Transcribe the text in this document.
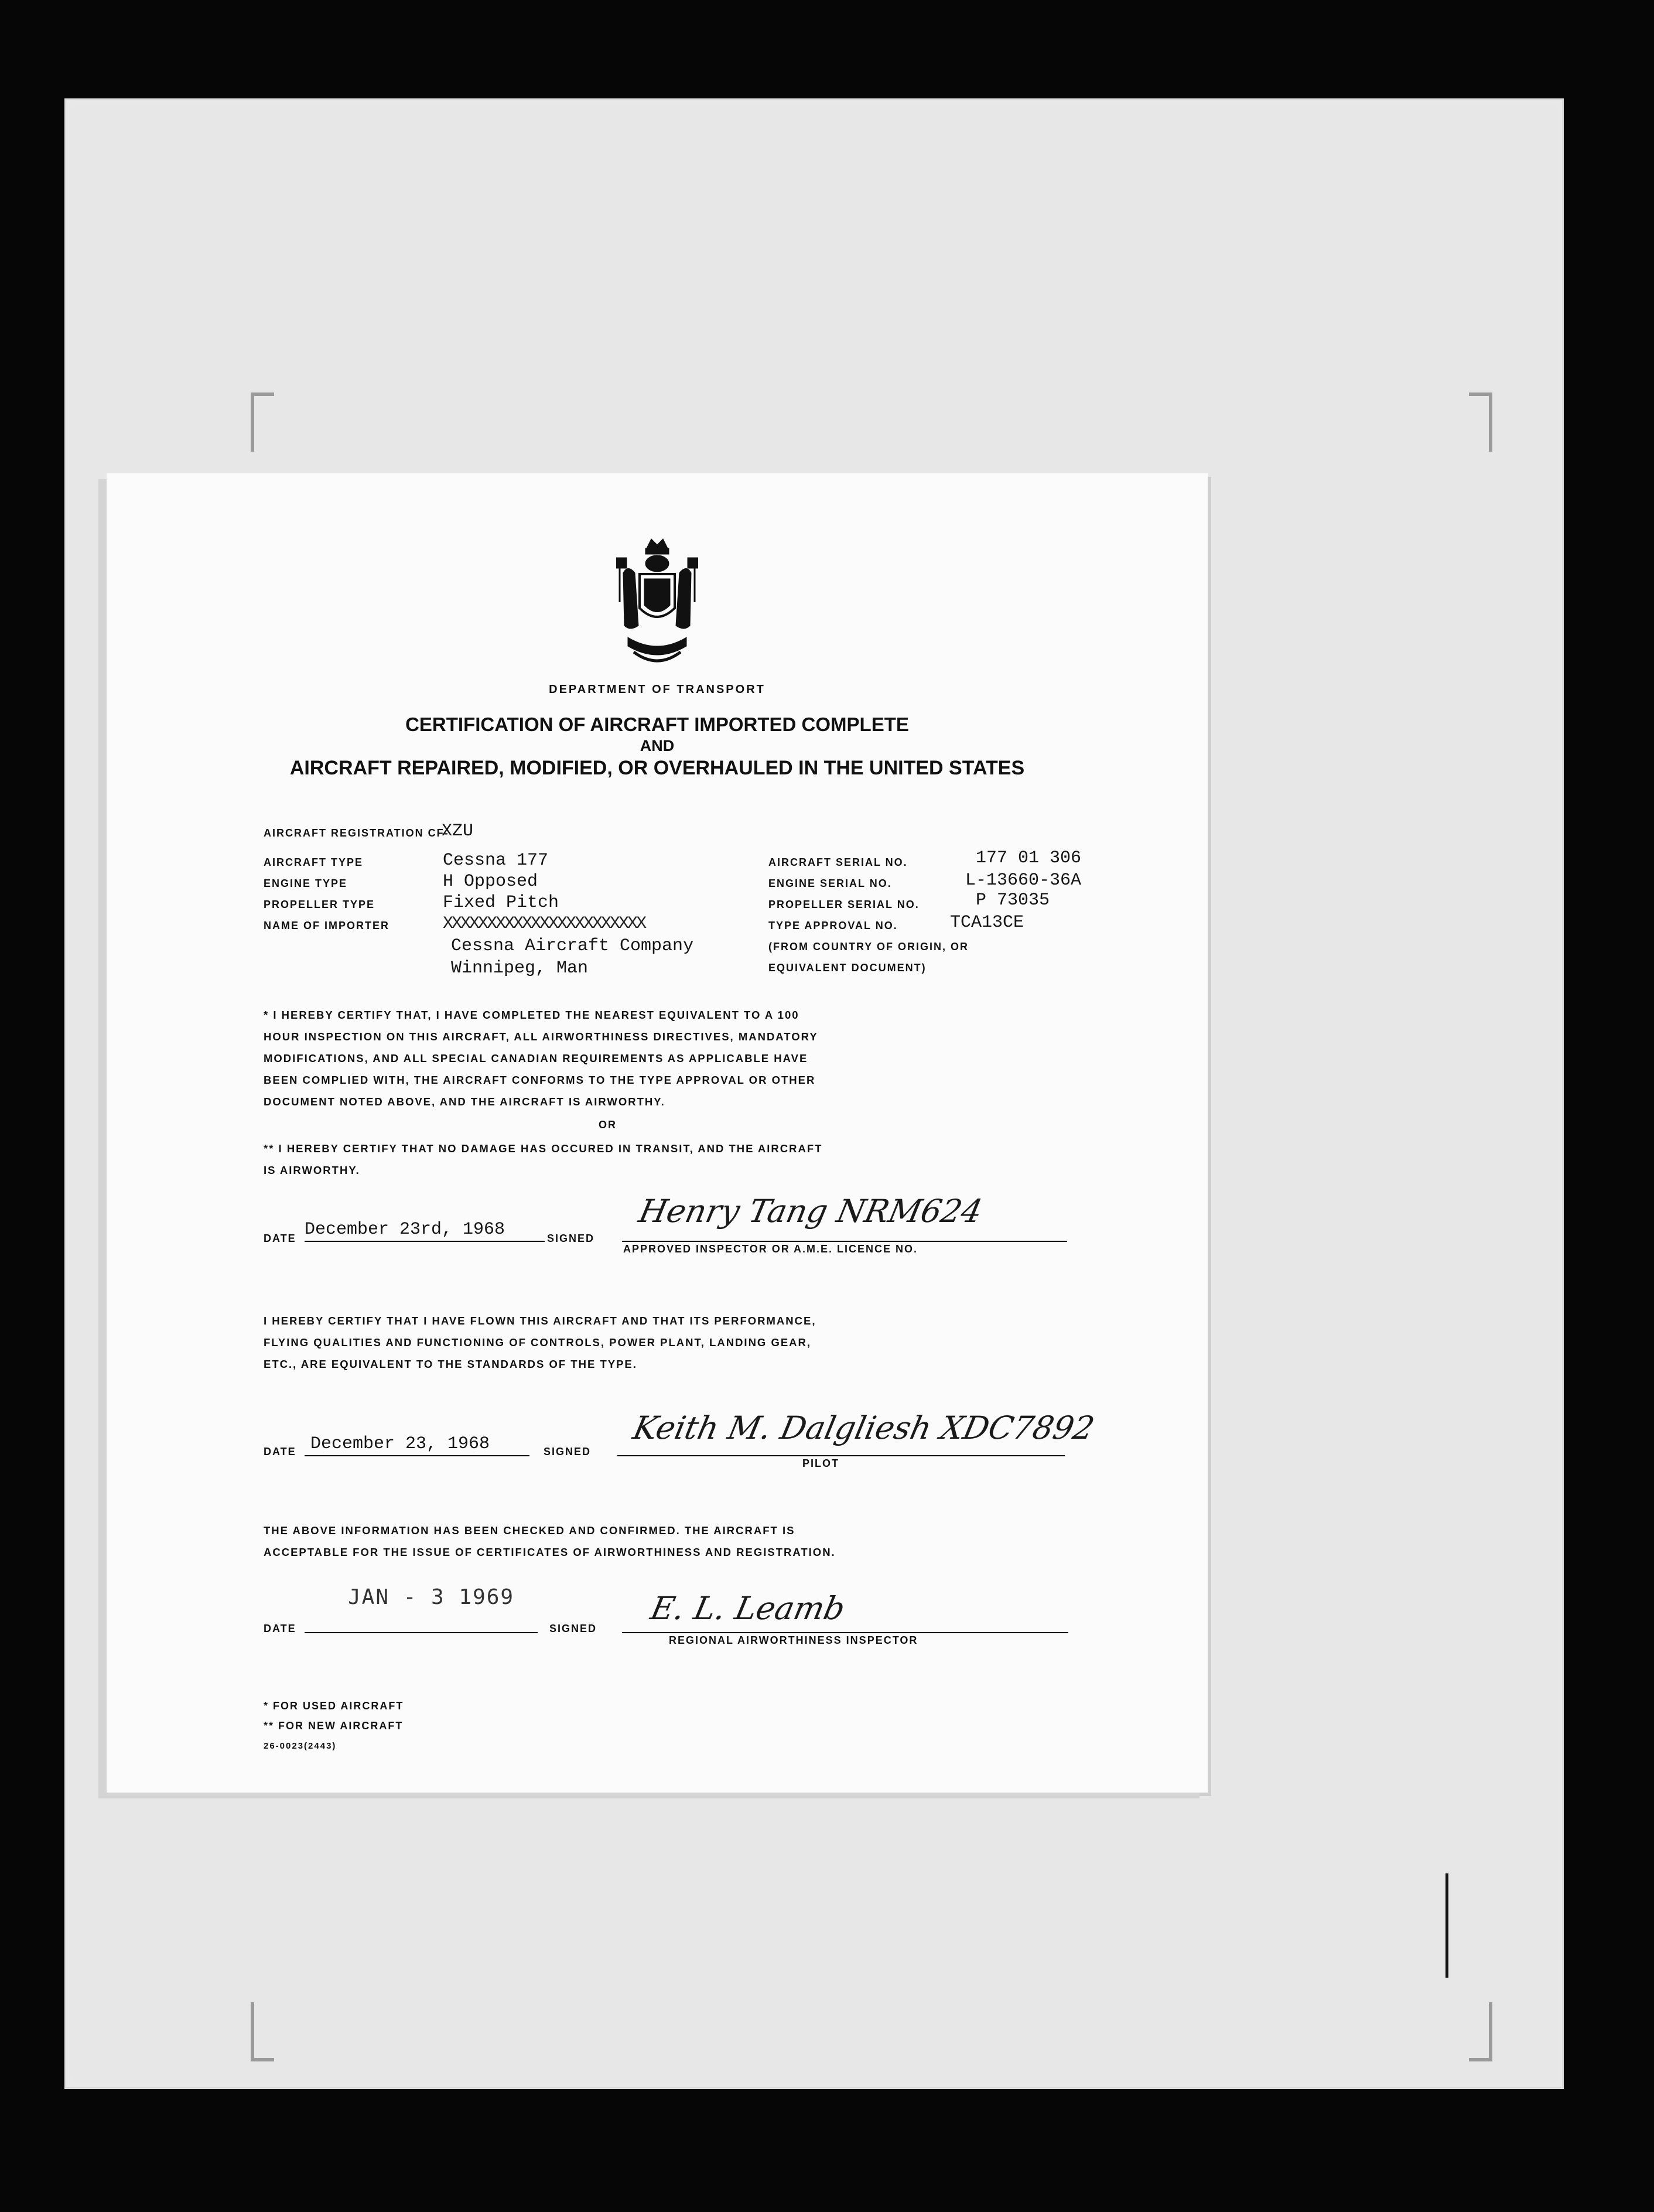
DEPARTMENT OF TRANSPORT
CERTIFICATION OF AIRCRAFT IMPORTED COMPLETE
AND
AIRCRAFT REPAIRED, MODIFIED, OR OVERHAULED IN THE UNITED STATES
AIRCRAFT REGISTRATION CF-
XZU
AIRCRAFT TYPE	Cessna 177
ENGINE TYPE	H Opposed
PROPELLER TYPE	Fixed Pitch
NAME OF IMPORTER	XXXXXXXXXXXXXXXXXXXXXXX
Cessna Aircraft Company
Winnipeg, Man
AIRCRAFT SERIAL NO.	177 01 306
ENGINE SERIAL NO.	L-13660-36A
PROPELLER SERIAL NO.	P 73035
TYPE APPROVAL NO.	TCA13CE
(FROM COUNTRY OF ORIGIN, OR
EQUIVALENT DOCUMENT)
* I HEREBY CERTIFY THAT, I HAVE COMPLETED THE NEAREST EQUIVALENT TO A 100
HOUR INSPECTION ON THIS AIRCRAFT, ALL AIRWORTHINESS DIRECTIVES, MANDATORY
MODIFICATIONS, AND ALL SPECIAL CANADIAN REQUIREMENTS AS APPLICABLE HAVE
BEEN COMPLIED WITH, THE AIRCRAFT CONFORMS TO THE TYPE APPROVAL OR OTHER
DOCUMENT NOTED ABOVE, AND THE AIRCRAFT IS AIRWORTHY.
OR
** I HEREBY CERTIFY THAT NO DAMAGE HAS OCCURED IN TRANSIT, AND THE AIRCRAFT
IS AIRWORTHY.
DATE December 23rd, 1968	SIGNED
Henry Tang NRM624
APPROVED INSPECTOR OR A.M.E. LICENCE NO.
I HEREBY CERTIFY THAT I HAVE FLOWN THIS AIRCRAFT AND THAT ITS PERFORMANCE,
FLYING QUALITIES AND FUNCTIONING OF CONTROLS, POWER PLANT, LANDING GEAR,
ETC., ARE EQUIVALENT TO THE STANDARDS OF THE TYPE.
DATE December 23, 1968	SIGNED
Keith M. Dalgliesh XDC7892
PILOT
THE ABOVE INFORMATION HAS BEEN CHECKED AND CONFIRMED. THE AIRCRAFT IS
ACCEPTABLE FOR THE ISSUE OF CERTIFICATES OF AIRWORTHINESS AND REGISTRATION.
JAN - 3 1969
DATE	SIGNED
E. L. Leamb
REGIONAL AIRWORTHINESS INSPECTOR
* FOR USED AIRCRAFT
** FOR NEW AIRCRAFT
26-0023(2443)
